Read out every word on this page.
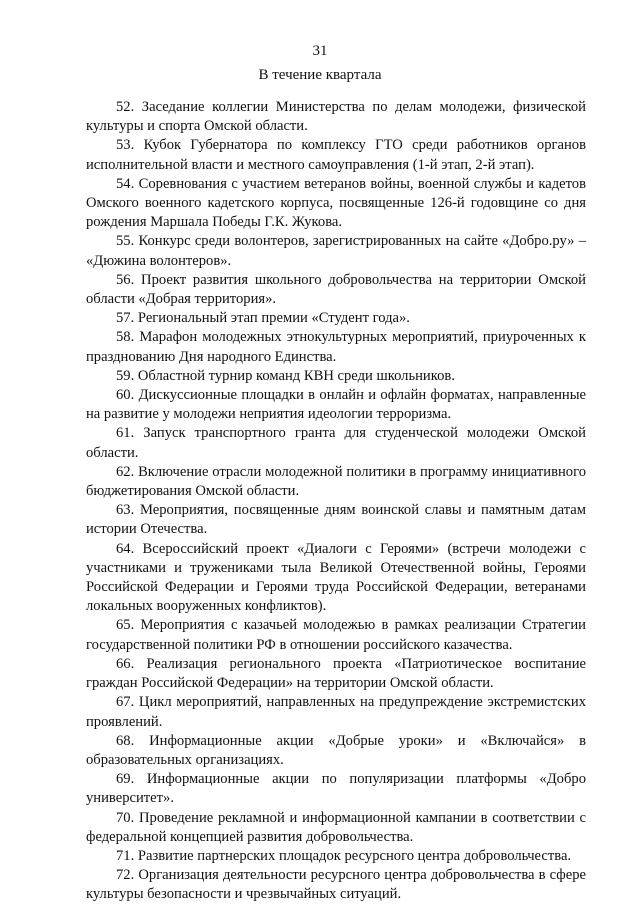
31
В течение квартала

52. Заседание коллегии Министерства по делам молодежи, физической культуры и спорта Омской области.

53. Кубок Губернатора по комплексу ГТО среди работников органов исполнительной власти и местного самоуправления (1-й этап, 2-й этап).

54. Соревнования с участием ветеранов войны, военной службы и кадетов Омского военного кадетского корпуса, посвященные 126-й годовщине со дня рождения Маршала Победы Г.К. Жукова.

55. Конкурс среди волонтеров, зарегистрированных на сайте «Добро.ру» – «Дюжина волонтеров».

56. Проект развития школьного добровольчества на территории Омской области «Добрая территория».

57. Региональный этап премии «Студент года».

58. Марафон молодежных этнокультурных мероприятий, приуроченных к празднованию Дня народного Единства.

59. Областной турнир команд КВН среди школьников.

60. Дискуссионные площадки в онлайн и офлайн форматах, направленные на развитие у молодежи неприятия идеологии терроризма.

61. Запуск транспортного гранта для студенческой молодежи Омской области.

62. Включение отрасли молодежной политики в программу инициативного бюджетирования Омской области.

63. Мероприятия, посвященные дням воинской славы и памятным датам истории Отечества.

64. Всероссийский проект «Диалоги с Героями» (встречи молодежи с участниками и тружениками тыла Великой Отечественной войны, Героями Российской Федерации и Героями труда Российской Федерации, ветеранами локальных вооруженных конфликтов).

65. Мероприятия с казачьей молодежью в рамках реализации Стратегии государственной политики РФ в отношении российского казачества.

66. Реализация регионального проекта «Патриотическое воспитание граждан Российской Федерации» на территории Омской области.

67. Цикл мероприятий, направленных на предупреждение экстремистских проявлений.

68. Информационные акции «Добрые уроки» и «Включайся» в образовательных организациях.

69. Информационные акции по популяризации платформы «Добро университет».

70. Проведение рекламной и информационной кампании в соответствии с федеральной концепцией развития добровольчества.

71. Развитие партнерских площадок ресурсного центра добровольчества.

72. Организация деятельности ресурсного центра добровольчества в сфере культуры безопасности и чрезвычайных ситуаций.
